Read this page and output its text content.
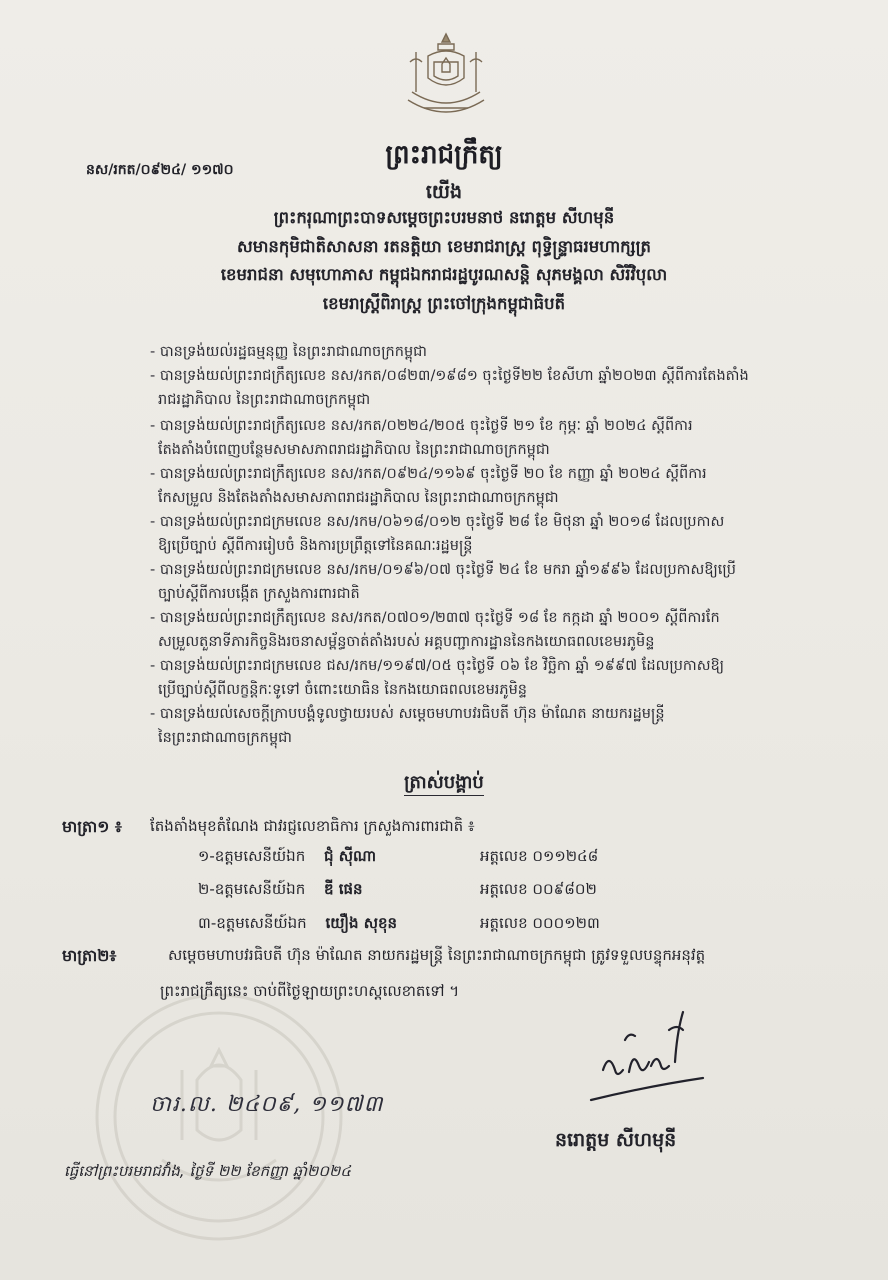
ព្រះរាជក្រឹត្យ
នស/រកត/០៩២៤/ ១១៧០
យើង
ព្រះករុណាព្រះបាទសម្តេចព្រះបរមនាថ នរោត្តម សីហមុនី
សមានកុមិជាតិសាសនា រតនត្តិយា ខេមរាជរាស្ត្រ ពុទ្ធិន្ទ្រាធរមហាក្សត្រ
ខេមរាជនា សមុហោភាស កម្ពុជឯករាជរដ្ឋបូរណសន្តិ សុភមង្គលា សិរីវិបុលា
ខេមរាស្ត្រីពិរាស្ត្រ ព្រះចៅក្រុងកម្ពុជាធិបតី
- បានទ្រង់យល់រដ្ឋធម្មនុញ្ញ នៃព្រះរាជាណាចក្រកម្ពុជា
- បានទ្រង់យល់ព្រះរាជក្រឹត្យលេខ នស/រកត/០៨២៣/១៩៨១ ចុះថ្ងៃទី២២ ខែសីហា ឆ្នាំ២០២៣ ស្តីពីការតែងតាំង
រាជរដ្ឋាភិបាល នៃព្រះរាជាណាចក្រកម្ពុជា
- បានទ្រង់យល់ព្រះរាជក្រឹត្យលេខ នស/រកត/០២២៤/២០៥ ចុះថ្ងៃទី ២១ ខែ កុម្ភៈ ឆ្នាំ ២០២៤ ស្តីពីការ
តែងតាំងបំពេញបន្ថែមសមាសភាពរាជរដ្ឋាភិបាល នៃព្រះរាជាណាចក្រកម្ពុជា
- បានទ្រង់យល់ព្រះរាជក្រឹត្យលេខ នស/រកត/០៩២៤/១១៦៩ ចុះថ្ងៃទី ២០ ខែ កញ្ញា ឆ្នាំ ២០២៤ ស្តីពីការ
កែសម្រួល និងតែងតាំងសមាសភាពរាជរដ្ឋាភិបាល នៃព្រះរាជាណាចក្រកម្ពុជា
- បានទ្រង់យល់ព្រះរាជក្រមលេខ នស/រកម/០៦១៨/០១២ ចុះថ្ងៃទី ២៨ ខែ មិថុនា ឆ្នាំ ២០១៨ ដែលប្រកាស
ឱ្យប្រើច្បាប់ ស្តីពីការរៀបចំ និងការប្រព្រឹត្តទៅនៃគណៈរដ្ឋមន្ត្រី
- បានទ្រង់យល់ព្រះរាជក្រមលេខ នស/រកម/០១៩៦/០៧ ចុះថ្ងៃទី ២៤ ខែ មករា ឆ្នាំ១៩៩៦ ដែលប្រកាសឱ្យប្រើ
ច្បាប់ស្តីពីការបង្កើត ក្រសួងការពារជាតិ
- បានទ្រង់យល់ព្រះរាជក្រឹត្យលេខ នស/រកត/០៧០១/២៣៧ ចុះថ្ងៃទី ១៨ ខែ កក្កដា ឆ្នាំ ២០០១ ស្តីពីការកែ
សម្រួលតួនាទីភារកិច្ចនិងរចនាសម្ព័ន្ធចាត់តាំងរបស់ អគ្គបញ្ជាការដ្ឋាននៃកងយោធពលខេមរភូមិន្ទ
- បានទ្រង់យល់ព្រះរាជក្រមលេខ ជស/រកម/១១៩៧/០៥ ចុះថ្ងៃទី ០៦ ខែ វិច្ឆិកា ឆ្នាំ ១៩៩៧ ដែលប្រកាសឱ្យ
ប្រើច្បាប់ស្តីពីលក្ខន្តិកៈទូទៅ ចំពោះយោធិន នៃកងយោធពលខេមរភូមិន្ទ
- បានទ្រង់យល់សេចក្តីក្រាបបង្គំទូលថ្វាយរបស់ សម្តេចមហាបវរធិបតី ហ៊ុន ម៉ាណែត នាយករដ្ឋមន្ត្រី
នៃព្រះរាជាណាចក្រកម្ពុជា
ត្រាស់បង្គាប់
មាត្រា១ ៖ តែងតាំងមុខតំណែង ជាវរជ្ញលេខាធិការ ក្រសួងការពារជាតិ ៖
១-ឧត្តមសេនីយ៍ឯក ជុំ ស៊ីណា	អត្តលេខ ០១១២៤៨
២-ឧត្តមសេនីយ៍ឯក ឌី ផេន	អត្តលេខ ០០៩៨០២
៣-ឧត្តមសេនីយ៍ឯក យឿង សុខុន	អត្តលេខ ០០០១២៣
មាត្រា២៖	សម្តេចមហាបវរធិបតី ហ៊ុន ម៉ាណែត នាយករដ្ឋមន្ត្រី នៃព្រះរាជាណាចក្រកម្ពុជា ត្រូវទទួលបន្ទុកអនុវត្ត
ព្រះរាជក្រឹត្យនេះ ចាប់ពីថ្ងៃឡាយព្រះហស្តលេខាតទៅ ។
ចារ.ល. ២៤០៩, ១១៧៣
នរោត្តម សីហមុនី
ធ្វើនៅព្រះបរមរាជវាំង, ថ្ងៃទី ២២ ខែកញ្ញា ឆ្នាំ២០២៤
